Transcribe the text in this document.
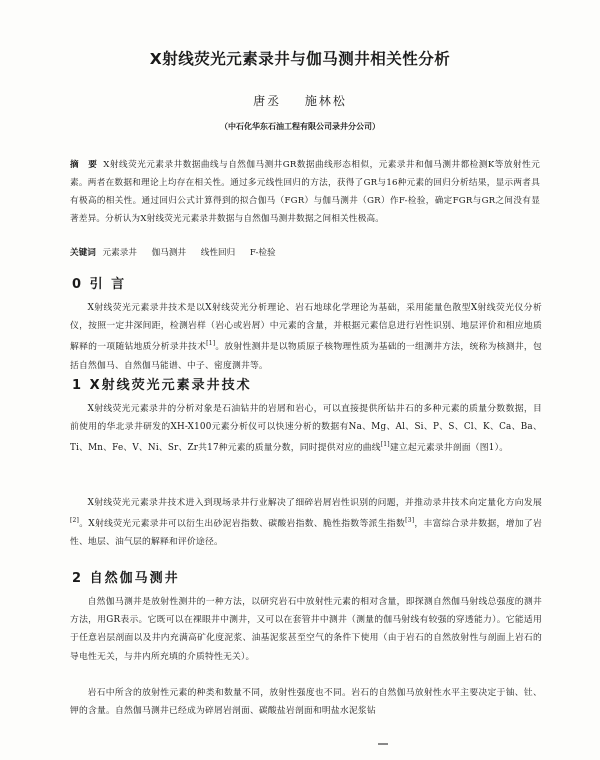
X射线荧光元素录井与伽马测井相关性分析
唐丞 施林松
（中石化华东石油工程有限公司录井分公司）
摘　要 X射线荧光元素录井数据曲线与自然伽马测井GR数据曲线形态相似，元素录井和伽马测井都检测K等放射性元素。两者在数据和理论上均存在相关性。通过多元线性回归的方法，获得了GR与16种元素的回归分析结果，显示两者具有极高的相关性。通过回归公式计算得到的拟合伽马（FGR）与伽马测井（GR）作F-检验，确定FGR与GR之间没有显著差异。分析认为X射线荧光元素录井数据与自然伽马测井数据之间相关性极高。
关键词 元素录井 伽马测井 线性回归 F-检验
0 引 言
X射线荧光元素录井技术是以X射线荧光分析理论、岩石地球化学理论为基础，采用能量色散型X射线荧光仪分析仪，按照一定井深间距，检测岩样（岩心或岩屑）中元素的含量，并根据元素信息进行岩性识别、地层评价和相应地质解释的一项随钻地质分析录井技术[1]。放射性测井是以物质原子核物理性质为基础的一组测井方法，统称为核测井，包括自然伽马、自然伽马能谱、中子、密度测井等。
1 X射线荧光元素录井技术
X射线荧光元素录井的分析对象是石油钻井的岩屑和岩心，可以直接提供所钻井石的多种元素的质量分数数据，目前使用的华北录井研发的XH-X100元素分析仪可以快速分析的数据有Na、Mg、Al、Si、P、S、Cl、K、Ca、Ba、Ti、Mn、Fe、V、Ni、Sr、Zr共17种元素的质量分数，同时提供对应的曲线[1]建立起元素录井剖面（图1）。
X射线荧光元素录井技术进入到现场录井行业解决了细碎岩屑岩性识别的问题，并推动录井技术向定量化方向发展[2]。X射线荧光元素录井可以衍生出砂泥岩指数、碳酸岩指数、脆性指数等派生指数[3]，丰富综合录井数据，增加了岩性、地层、油气层的解释和评价途径。
2 自然伽马测井
自然伽马测井是放射性测井的一种方法，以研究岩石中放射性元素的相对含量，即探测自然伽马射线总强度的测井方法，用GR表示。它既可以在裸眼井中测井，又可以在套管井中测井（测量的伽马射线有较强的穿透能力）。它能适用于任意岩层剖面以及井内充满高矿化度泥浆、油基泥浆甚至空气的条件下使用（由于岩石的自然放射性与剖面上岩石的导电性无关，与井内所充填的介质特性无关）。
岩石中所含的放射性元素的种类和数量不同，放射性强度也不同。岩石的自然伽马放射性水平主要决定于铀、钍、钾的含量。自然伽马测井已经成为碎屑岩剖面、碳酸盐岩剖面和明盐水泥浆钻
